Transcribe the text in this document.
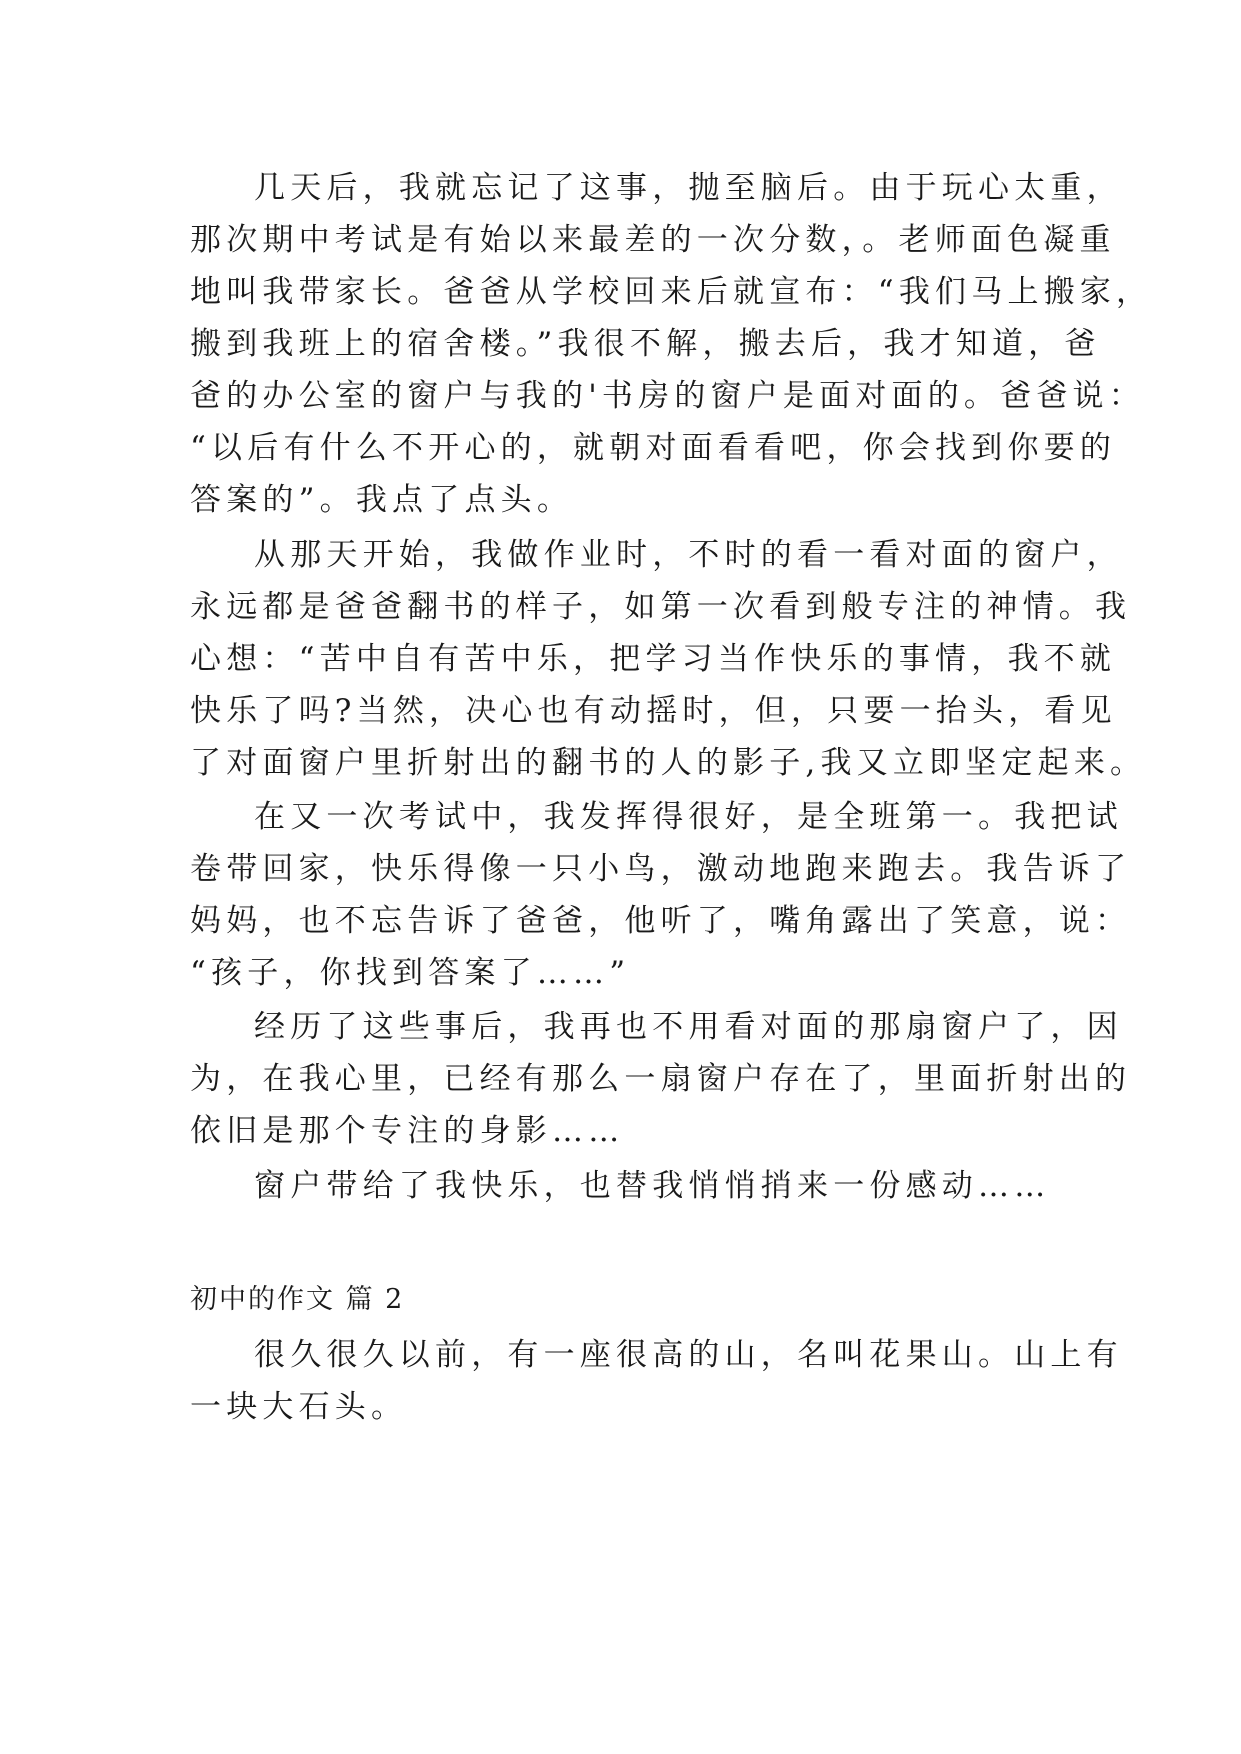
几天后，我就忘记了这事，抛至脑后。由于玩心太重，
那次期中考试是有始以来最差的一次分数，。老师面色凝重
地叫我带家长。爸爸从学校回来后就宣布：“我们马上搬家，
搬到我班上的宿舍楼。”我很不解，搬去后，我才知道，爸
爸的办公室的窗户与我的'书房的窗户是面对面的。爸爸说：
“以后有什么不开心的，就朝对面看看吧，你会找到你要的
答案的”。我点了点头。
从那天开始，我做作业时，不时的看一看对面的窗户，
永远都是爸爸翻书的样子，如第一次看到般专注的神情。我
心想：“苦中自有苦中乐，把学习当作快乐的事情，我不就
快乐了吗?当然，决心也有动摇时，但，只要一抬头，看见
了对面窗户里折射出的翻书的人的影子,我又立即坚定起来。
在又一次考试中，我发挥得很好，是全班第一。我把试
卷带回家，快乐得像一只小鸟，激动地跑来跑去。我告诉了
妈妈，也不忘告诉了爸爸，他听了，嘴角露出了笑意，说：
“孩子，你找到答案了……”
经历了这些事后，我再也不用看对面的那扇窗户了，因
为，在我心里，已经有那么一扇窗户存在了，里面折射出的
依旧是那个专注的身影……
窗户带给了我快乐，也替我悄悄捎来一份感动……
初中的作文 篇 2
很久很久以前，有一座很高的山，名叫花果山。山上有
一块大石头。
